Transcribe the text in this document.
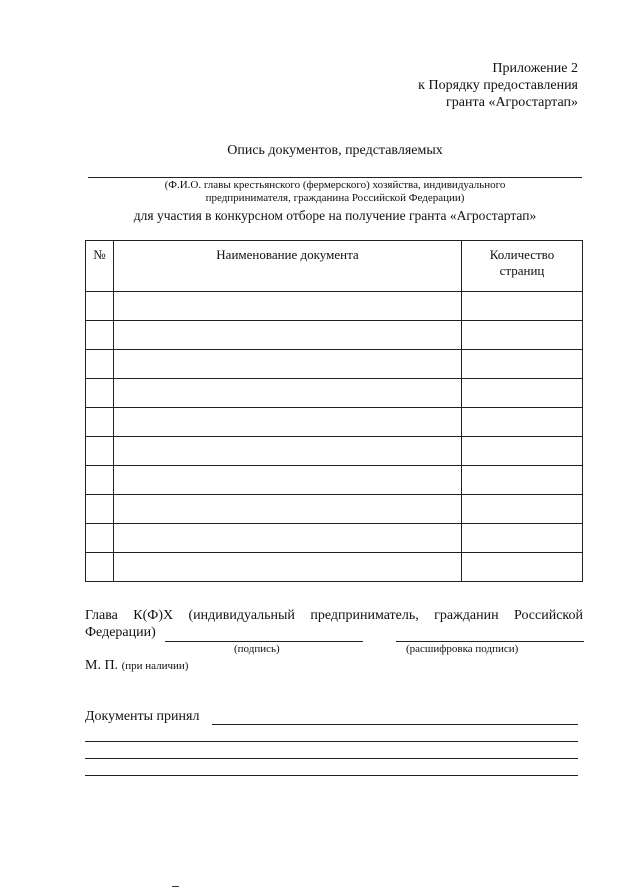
Приложение 2
к Порядку предоставления
гранта «Агростартап»
Опись документов, представляемых
(Ф.И.О. главы крестьянского (фермерского) хозяйства, индивидуального
предпринимателя, гражданина Российской Федерации)
для участия в конкурсном отборе на получение гранта «Агростартап»
№	Наименование документа	Количество
страниц

Глава К(Ф)Х (индивидуальный предприниматель, гражданин Российской
Федерации)
(подпись)	(расшифровка подписи)
М. П. (при наличии)
Документы принял
